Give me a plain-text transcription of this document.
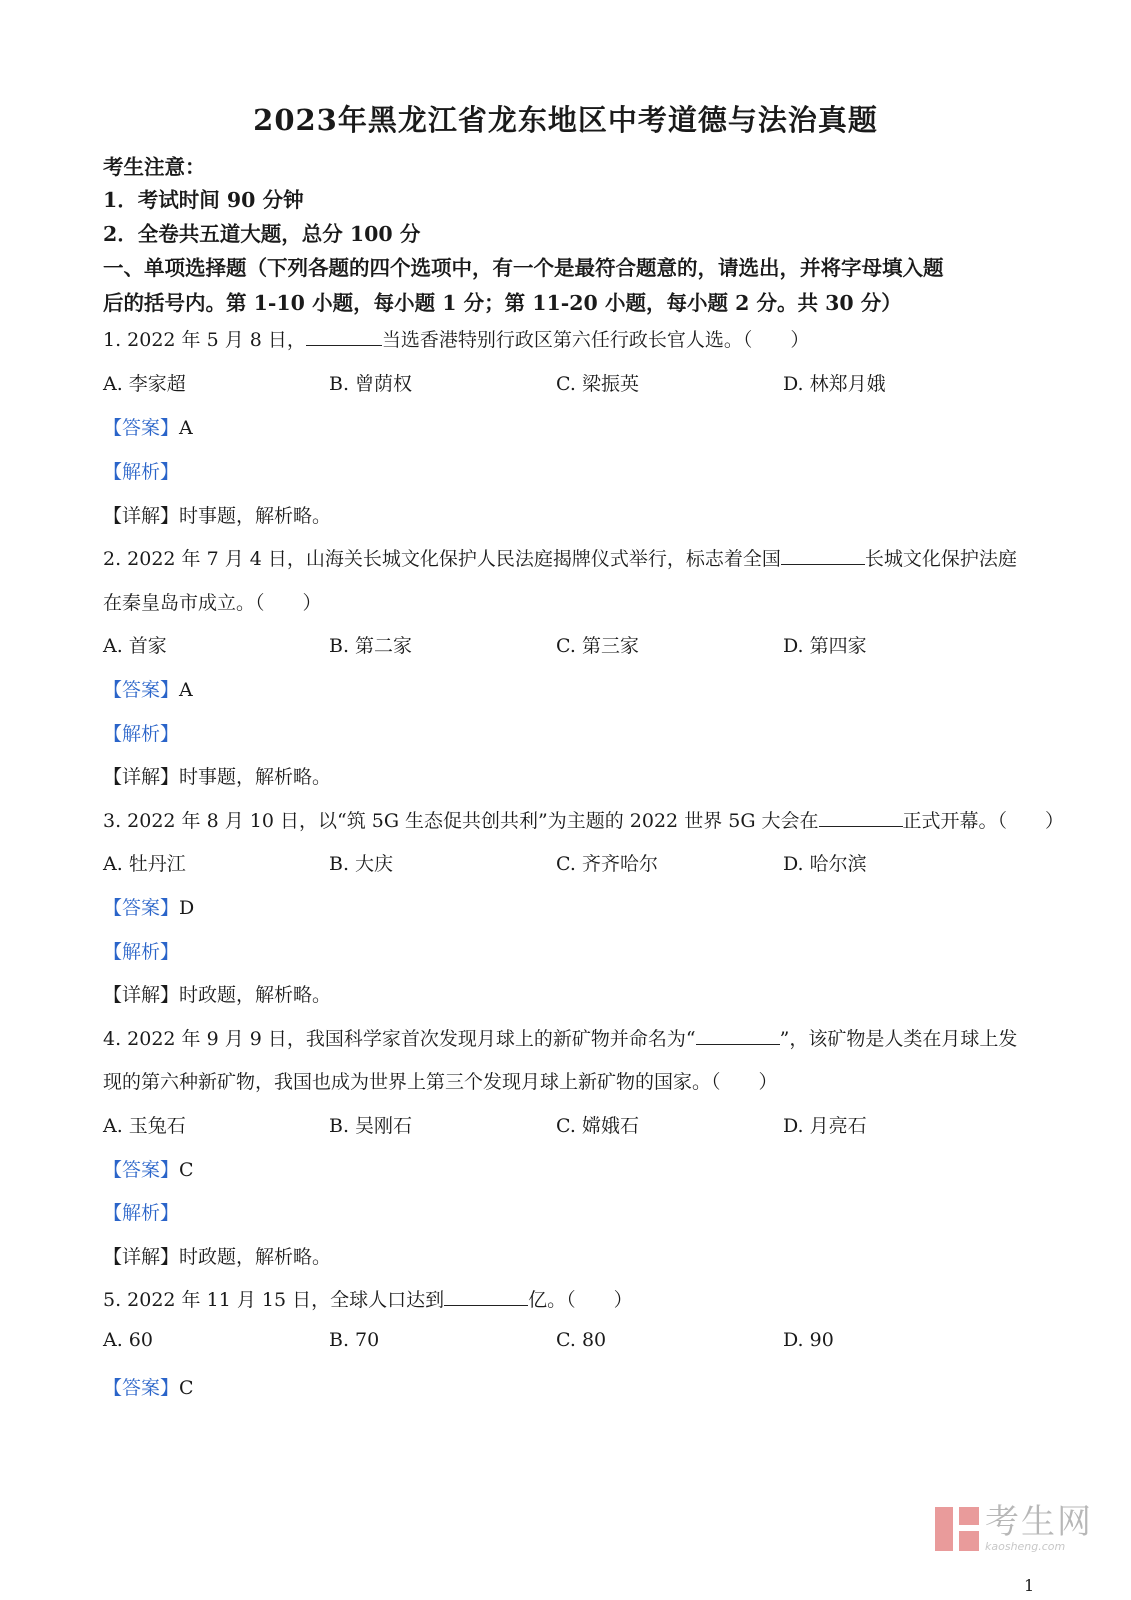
2023年黑龙江省龙东地区中考道德与法治真题
考生注意：
1．考试时间 90 分钟
2．全卷共五道大题，总分 100 分
一、单项选择题（下列各题的四个选项中，有一个是最符合题意的，请选出，并将字母填入题
后的括号内。第 1-10 小题，每小题 1 分；第 11-20 小题，每小题 2 分。共 30 分）
1. 2022 年 5 月 8 日，	当选香港特别行政区第六任行政长官人选。（　　）
A. 李家超	B. 曾荫权	C. 梁振英	D. 林郑月娥
【答案】A
【解析】
【详解】时事题，解析略。
2. 2022 年 7 月 4 日，山海关长城文化保护人民法庭揭牌仪式举行，标志着全国	长城文化保护法庭
在秦皇岛市成立。（　　）
A. 首家	B. 第二家	C. 第三家	D. 第四家
【答案】A
【解析】
【详解】时事题，解析略。
3. 2022 年 8 月 10 日，以“筑 5G 生态促共创共利”为主题的 2022 世界 5G 大会在	正式开幕。（　　）
A. 牡丹江	B. 大庆	C. 齐齐哈尔	D. 哈尔滨
【答案】D
【解析】
【详解】时政题，解析略。
4. 2022 年 9 月 9 日，我国科学家首次发现月球上的新矿物并命名为“	”，该矿物是人类在月球上发
现的第六种新矿物，我国也成为世界上第三个发现月球上新矿物的国家。（　　）
A. 玉兔石	B. 吴刚石	C. 嫦娥石	D. 月亮石
【答案】C
【解析】
【详解】时政题，解析略。
5. 2022 年 11 月 15 日，全球人口达到	亿。（　　）
A. 60	B. 70	C. 80	D. 90
【答案】C
考生网
kaosheng.com
1
